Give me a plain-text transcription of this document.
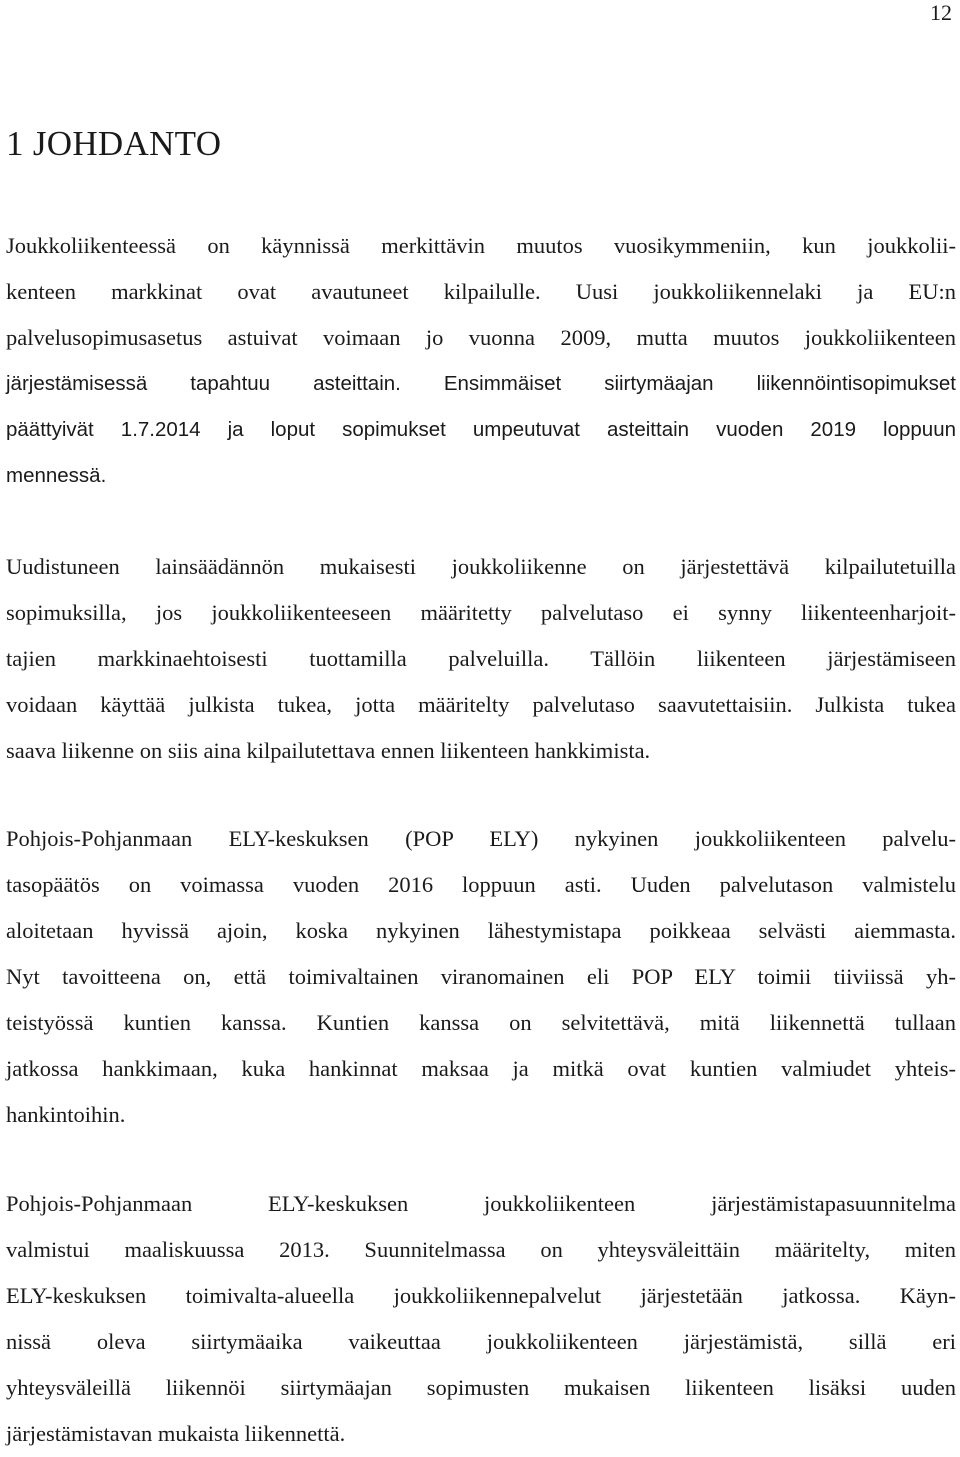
12
1 JOHDANTO
Joukkoliikenteessä on käynnissä merkittävin muutos vuosikymmeniin, kun joukkolii-
kenteen markkinat ovat avautuneet kilpailulle. Uusi joukkoliikennelaki ja EU:n
palvelusopimusasetus astuivat voimaan jo vuonna 2009, mutta muutos joukkoliikenteen
järjestämisessä tapahtuu asteittain. Ensimmäiset siirtymäajan liikennöintisopimukset
päättyivät 1.7.2014 ja loput sopimukset umpeutuvat asteittain vuoden 2019 loppuun
mennessä.
Uudistuneen lainsäädännön mukaisesti joukkoliikenne on järjestettävä kilpailutetuilla
sopimuksilla, jos joukkoliikenteeseen määritetty palvelutaso ei synny liikenteenharjoit-
tajien markkinaehtoisesti tuottamilla palveluilla. Tällöin liikenteen järjestämiseen
voidaan käyttää julkista tukea, jotta määritelty palvelutaso saavutettaisiin. Julkista tukea
saava liikenne on siis aina kilpailutettava ennen liikenteen hankkimista.
Pohjois-Pohjanmaan ELY-keskuksen (POP ELY) nykyinen joukkoliikenteen palvelu-
tasopäätös on voimassa vuoden 2016 loppuun asti. Uuden palvelutason valmistelu
aloitetaan hyvissä ajoin, koska nykyinen lähestymistapa poikkeaa selvästi aiemmasta.
Nyt tavoitteena on, että toimivaltainen viranomainen eli POP ELY toimii tiiviissä yh-
teistyössä kuntien kanssa. Kuntien kanssa on selvitettävä, mitä liikennettä tullaan
jatkossa hankkimaan, kuka hankinnat maksaa ja mitkä ovat kuntien valmiudet yhteis-
hankintoihin.
Pohjois-Pohjanmaan ELY-keskuksen joukkoliikenteen järjestämistapasuunnitelma
valmistui maaliskuussa 2013. Suunnitelmassa on yhteysväleittäin määritelty, miten
ELY-keskuksen toimivalta-alueella joukkoliikennepalvelut järjestetään jatkossa. Käyn-
nissä oleva siirtymäaika vaikeuttaa joukkoliikenteen järjestämistä, sillä eri
yhteysväleillä liikennöi siirtymäajan sopimusten mukaisen liikenteen lisäksi uuden
järjestämistavan mukaista liikennettä.
